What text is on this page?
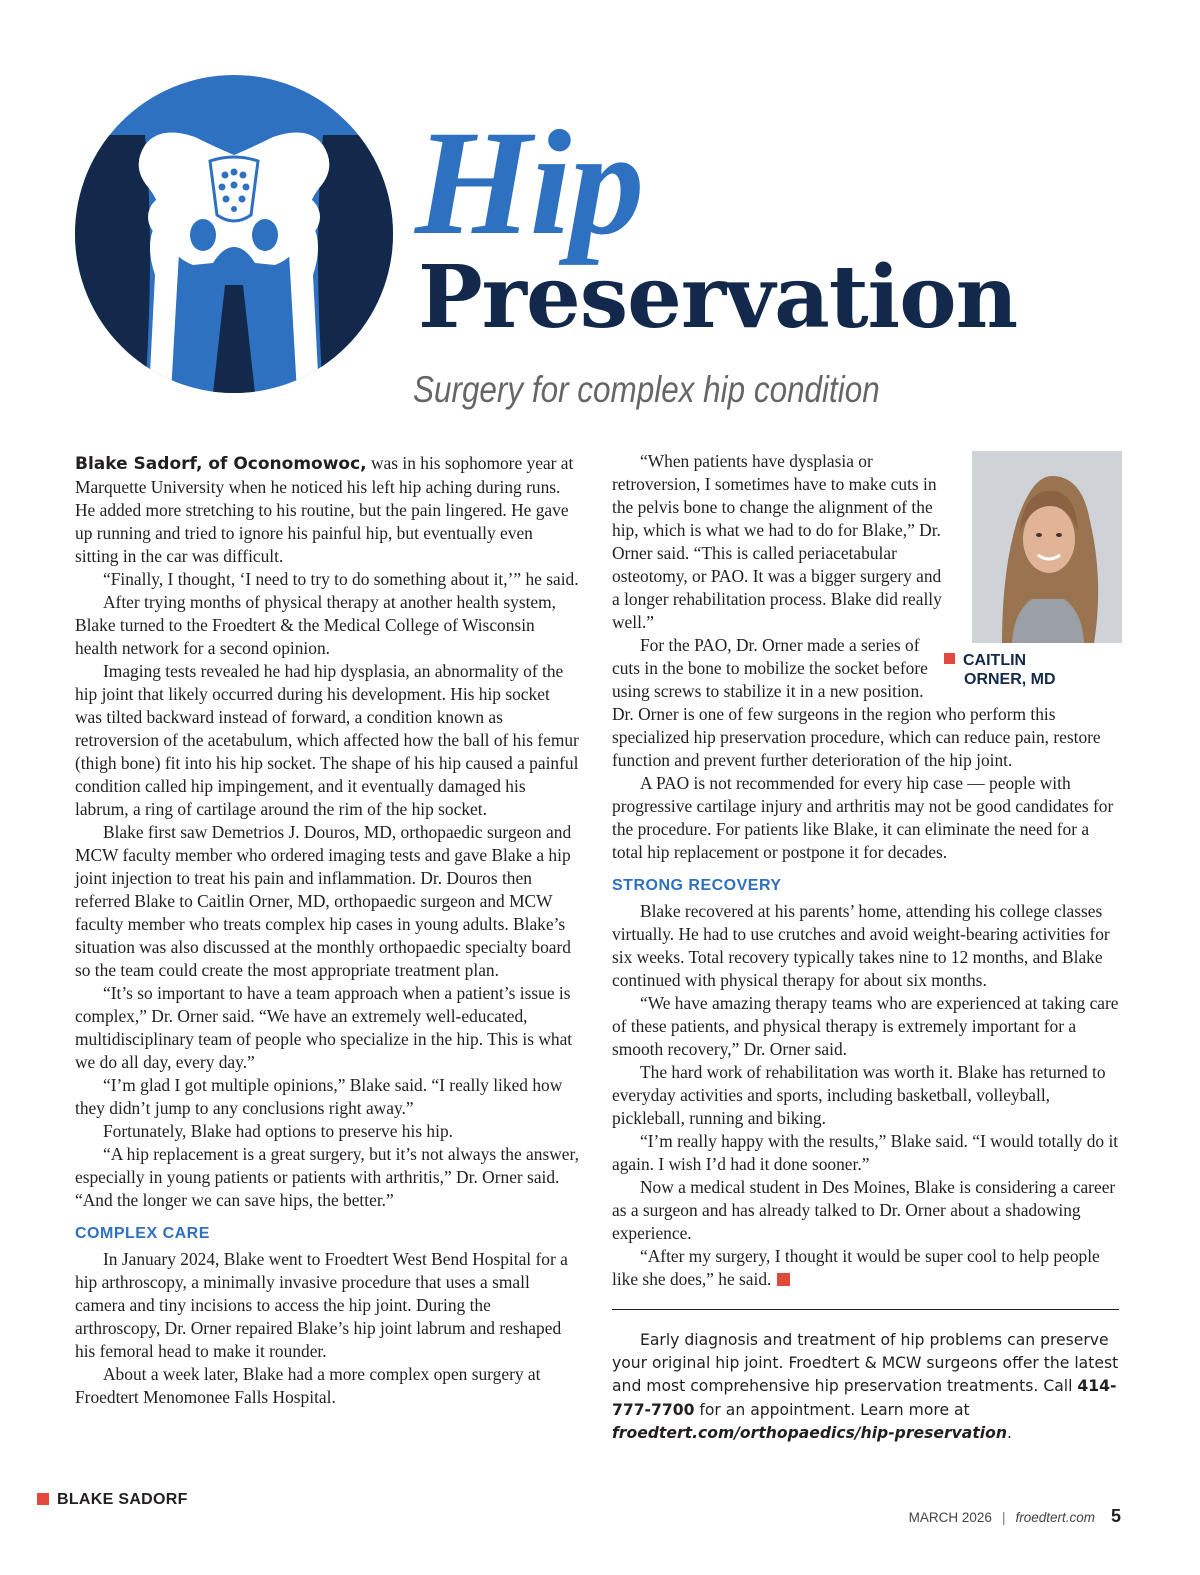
Hip
Preservation
Surgery for complex hip condition

Blake Sadorf, of Oconomowoc, was in his sophomore year at Marquette University when he noticed his left hip aching during runs. He added more stretching to his routine, but the pain lingered. He gave up running and tried to ignore his painful hip, but eventually even sitting in the car was difficult.

“Finally, I thought, ‘I need to try to do something about it,’” he said.

After trying months of physical therapy at another health system, Blake turned to the Froedtert & the Medical College of Wisconsin health network for a second opinion.

Imaging tests revealed he had hip dysplasia, an abnormality of the hip joint that likely occurred during his development. His hip socket was tilted backward instead of forward, a condition known as retroversion of the acetabulum, which affected how the ball of his femur (thigh bone) fit into his hip socket. The shape of his hip caused a painful condition called hip impingement, and it eventually damaged his labrum, a ring of cartilage around the rim of the hip socket.

Blake first saw Demetrios J. Douros, MD, orthopaedic surgeon and MCW faculty member who ordered imaging tests and gave Blake a hip joint injection to treat his pain and inflammation. Dr. Douros then referred Blake to Caitlin Orner, MD, orthopaedic surgeon and MCW faculty member who treats complex hip cases in young adults. Blake’s situation was also discussed at the monthly orthopaedic specialty board so the team could create the most appropriate treatment plan.

“It’s so important to have a team approach when a patient’s issue is complex,” Dr. Orner said. “We have an extremely well-educated, multidisciplinary team of people who specialize in the hip. This is what we do all day, every day.”

“I’m glad I got multiple opinions,” Blake said. “I really liked how they didn’t jump to any conclusions right away.”

Fortunately, Blake had options to preserve his hip.

“A hip replacement is a great surgery, but it’s not always the answer, especially in young patients or patients with arthritis,” Dr. Orner said. “And the longer we can save hips, the better.”

COMPLEX CARE

In January 2024, Blake went to Froedtert West Bend Hospital for a hip arthroscopy, a minimally invasive procedure that uses a small camera and tiny incisions to access the hip joint. During the arthroscopy, Dr. Orner repaired Blake’s hip joint labrum and reshaped his femoral head to make it rounder.

About a week later, Blake had a more complex open surgery at Froedtert Menomonee Falls Hospital.

CAITLIN
ORNER, MD

“When patients have dysplasia or retroversion, I sometimes have to make cuts in the pelvis bone to change the alignment of the hip, which is what we had to do for Blake,” Dr. Orner said. “This is called periacetabular osteotomy, or PAO. It was a bigger surgery and a longer rehabilitation process. Blake did really well.”

For the PAO, Dr. Orner made a series of cuts in the bone to mobilize the socket before using screws to stabilize it in a new position. Dr. Orner is one of few surgeons in the region who perform this specialized hip preservation procedure, which can reduce pain, restore function and prevent further deterioration of the hip joint.

A PAO is not recommended for every hip case — people with progressive cartilage injury and arthritis may not be good candidates for the procedure. For patients like Blake, it can eliminate the need for a total hip replacement or postpone it for decades.

STRONG RECOVERY

Blake recovered at his parents’ home, attending his college classes virtually. He had to use crutches and avoid weight-bearing activities for six weeks. Total recovery typically takes nine to 12 months, and Blake continued with physical therapy for about six months.

“We have amazing therapy teams who are experienced at taking care of these patients, and physical therapy is extremely important for a smooth recovery,” Dr. Orner said.

The hard work of rehabilitation was worth it. Blake has returned to everyday activities and sports, including basketball, volleyball, pickleball, running and biking.

“I’m really happy with the results,” Blake said. “I would totally do it again. I wish I’d had it done sooner.”

Now a medical student in Des Moines, Blake is considering a career as a surgeon and has already talked to Dr. Orner about a shadowing experience.

“After my surgery, I thought it would be super cool to help people like she does,” he said.

Early diagnosis and treatment of hip problems can preserve your original hip joint. Froedtert & MCW surgeons offer the latest and most comprehensive hip preservation treatments. Call 414-777-7700 for an appointment. Learn more at froedtert.com/orthopaedics/hip-preservation.
BLAKE SADORF
MARCH 2026 | froedtert.com 5
